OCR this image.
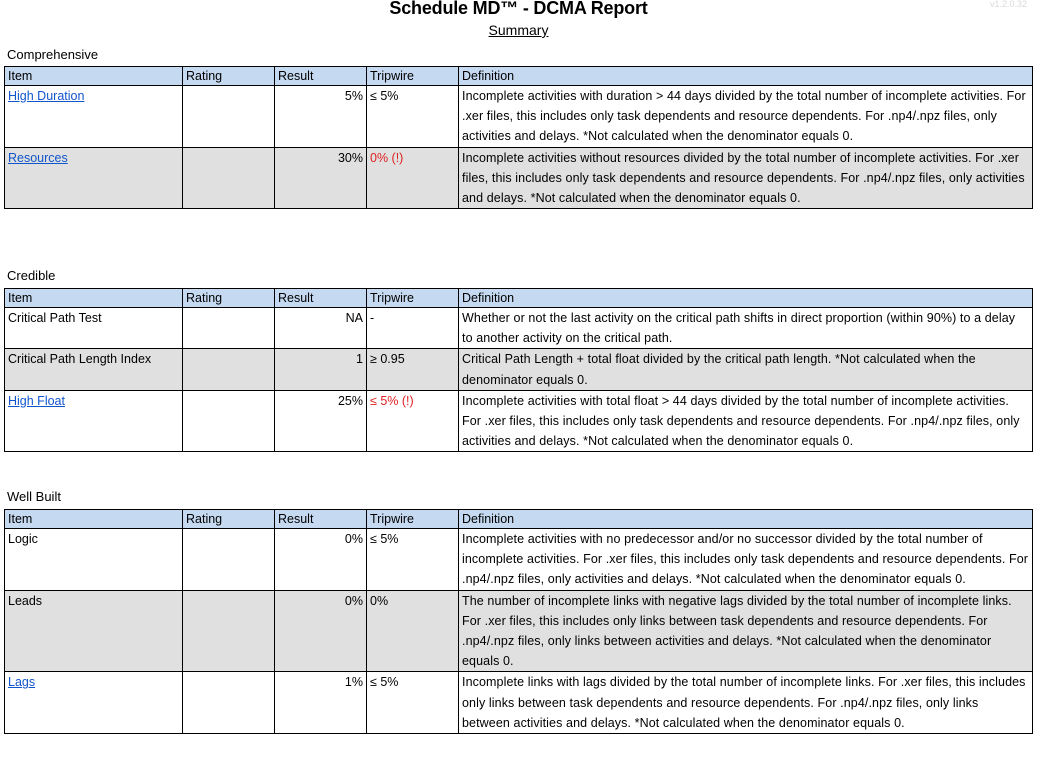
v1.2.0.32
Schedule MD™ - DCMA Report
Summary
Comprehensive
Item	Rating	Result	Tripwire	Definition
High Duration		5%	≤ 5%	Incomplete activities with duration > 44 days divided by the total number of incomplete activities. For .xer files, this includes only task dependents and resource dependents. For .np4/.npz files, only activities and delays. *Not calculated when the denominator equals 0.
Resources		30%	0% (!)	Incomplete activities without resources divided by the total number of incomplete activities. For .xer files, this includes only task dependents and resource dependents. For .np4/.npz files, only activities and delays. *Not calculated when the denominator equals 0.
Credible
Item	Rating	Result	Tripwire	Definition
Critical Path Test		NA	-	Whether or not the last activity on the critical path shifts in direct proportion (within 90%) to a delay to another activity on the critical path.
Critical Path Length Index		1	≥ 0.95	Critical Path Length + total float divided by the critical path length. *Not calculated when the denominator equals 0.
High Float		25%	≤ 5% (!)	Incomplete activities with total float > 44 days divided by the total number of incomplete activities. For .xer files, this includes only task dependents and resource dependents. For .np4/.npz files, only activities and delays. *Not calculated when the denominator equals 0.
Well Built
Item	Rating	Result	Tripwire	Definition
Logic		0%	≤ 5%	Incomplete activities with no predecessor and/or no successor divided by the total number of incomplete activities. For .xer files, this includes only task dependents and resource dependents. For .np4/.npz files, only activities and delays. *Not calculated when the denominator equals 0.
Leads		0%	0%	The number of incomplete links with negative lags divided by the total number of incomplete links. For .xer files, this includes only links between task dependents and resource dependents. For .np4/.npz files, only links between activities and delays. *Not calculated when the denominator equals 0.
Lags		1%	≤ 5%	Incomplete links with lags divided by the total number of incomplete links. For .xer files, this includes only links between task dependents and resource dependents. For .np4/.npz files, only links between activities and delays. *Not calculated when the denominator equals 0.
